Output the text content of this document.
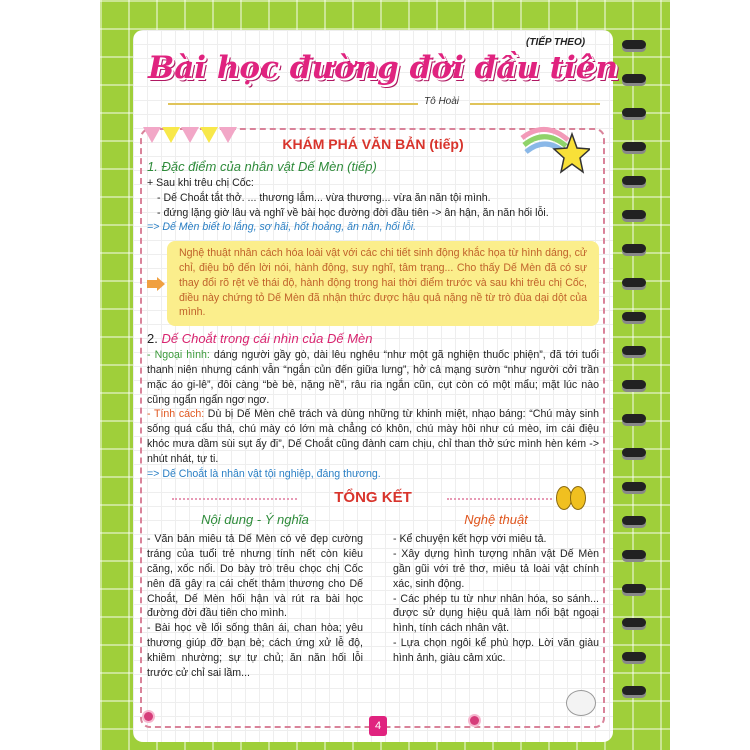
(TIẾP THEO)
Bài học đường đời đầu tiên
Tô Hoài
KHÁM PHÁ VĂN BẢN (tiếp)
1. Đặc điểm của nhân vật Dế Mèn (tiếp)
+ Sau khi trêu chị Cốc:
- Dế Choắt tắt thở. ... thương lắm... vừa thương... vừa ăn năn tội mình.
- đứng lặng giờ lâu và nghĩ về bài học đường đời đầu tiên -> ân hận, ăn năn hối lỗi.
=> Dế Mèn biết lo lắng, sợ hãi, hốt hoảng, ăn năn, hối lỗi.
Nghệ thuật nhân cách hóa loài vật với các chi tiết sinh động khắc họa từ hình dáng, cử chỉ, điệu bộ đến lời nói, hành động, suy nghĩ, tâm trạng... Cho thấy Dế Mèn đã có sự thay đổi rõ rệt về thái độ, hành động trong hai thời điểm trước và sau khi trêu chị Cốc, điều này chứng tỏ Dế Mèn đã nhận thức được hậu quả nặng nề từ trò đùa dại dột của mình.
2. Dế Choắt trong cái nhìn của Dế Mèn
- Ngoại hình: dáng người gầy gò, dài lêu nghêu “như một gã nghiện thuốc phiện”, đã tới tuổi thanh niên nhưng cánh vẫn “ngắn củn đến giữa lưng”, hở cả mạng sườn “như người cởi trần mặc áo gi-lê”, đôi càng “bè bè, nặng nề”, râu ria ngắn cũn, cụt còn có một mẩu; mặt lúc nào cũng ngẩn ngẩn ngơ ngơ.
- Tính cách: Dù bị Dế Mèn chê trách và dùng những từ khinh miệt, nhạo báng: “Chú mày sinh sống quá cẩu thả, chú mày có lớn mà chẳng có khôn, chú mày hôi như cú mèo, im cái điệu khóc mưa dầm sùi sụt ấy đi”, Dế Choắt cũng đành cam chịu, chỉ than thở sức mình hèn kém -> nhút nhát, tự ti.
=> Dế Choắt là nhân vật tội nghiệp, đáng thương.
TỔNG KẾT
Nội dung - Ý nghĩa
- Văn bản miêu tả Dế Mèn có vẻ đẹp cường tráng của tuổi trẻ nhưng tính nết còn kiêu căng, xốc nổi. Do bày trò trêu chọc chị Cốc nên đã gây ra cái chết thảm thương cho Dế Choắt, Dế Mèn hối hận và rút ra bài học đường đời đầu tiên cho mình.
- Bài học về lối sống thân ái, chan hòa; yêu thương giúp đỡ bạn bè; cách ứng xử lễ độ, khiêm nhường; sự tự chủ; ăn năn hối lỗi trước cử chỉ sai lầm...
Nghệ thuật
- Kể chuyện kết hợp với miêu tả.
- Xây dựng hình tượng nhân vật Dế Mèn gần gũi với trẻ thơ, miêu tả loài vật chính xác, sinh động.
- Các phép tu từ như nhân hóa, so sánh... được sử dụng hiệu quả làm nổi bật ngoại hình, tính cách nhân vật.
- Lựa chọn ngôi kể phù hợp. Lời văn giàu hình ảnh, giàu cảm xúc.
4
